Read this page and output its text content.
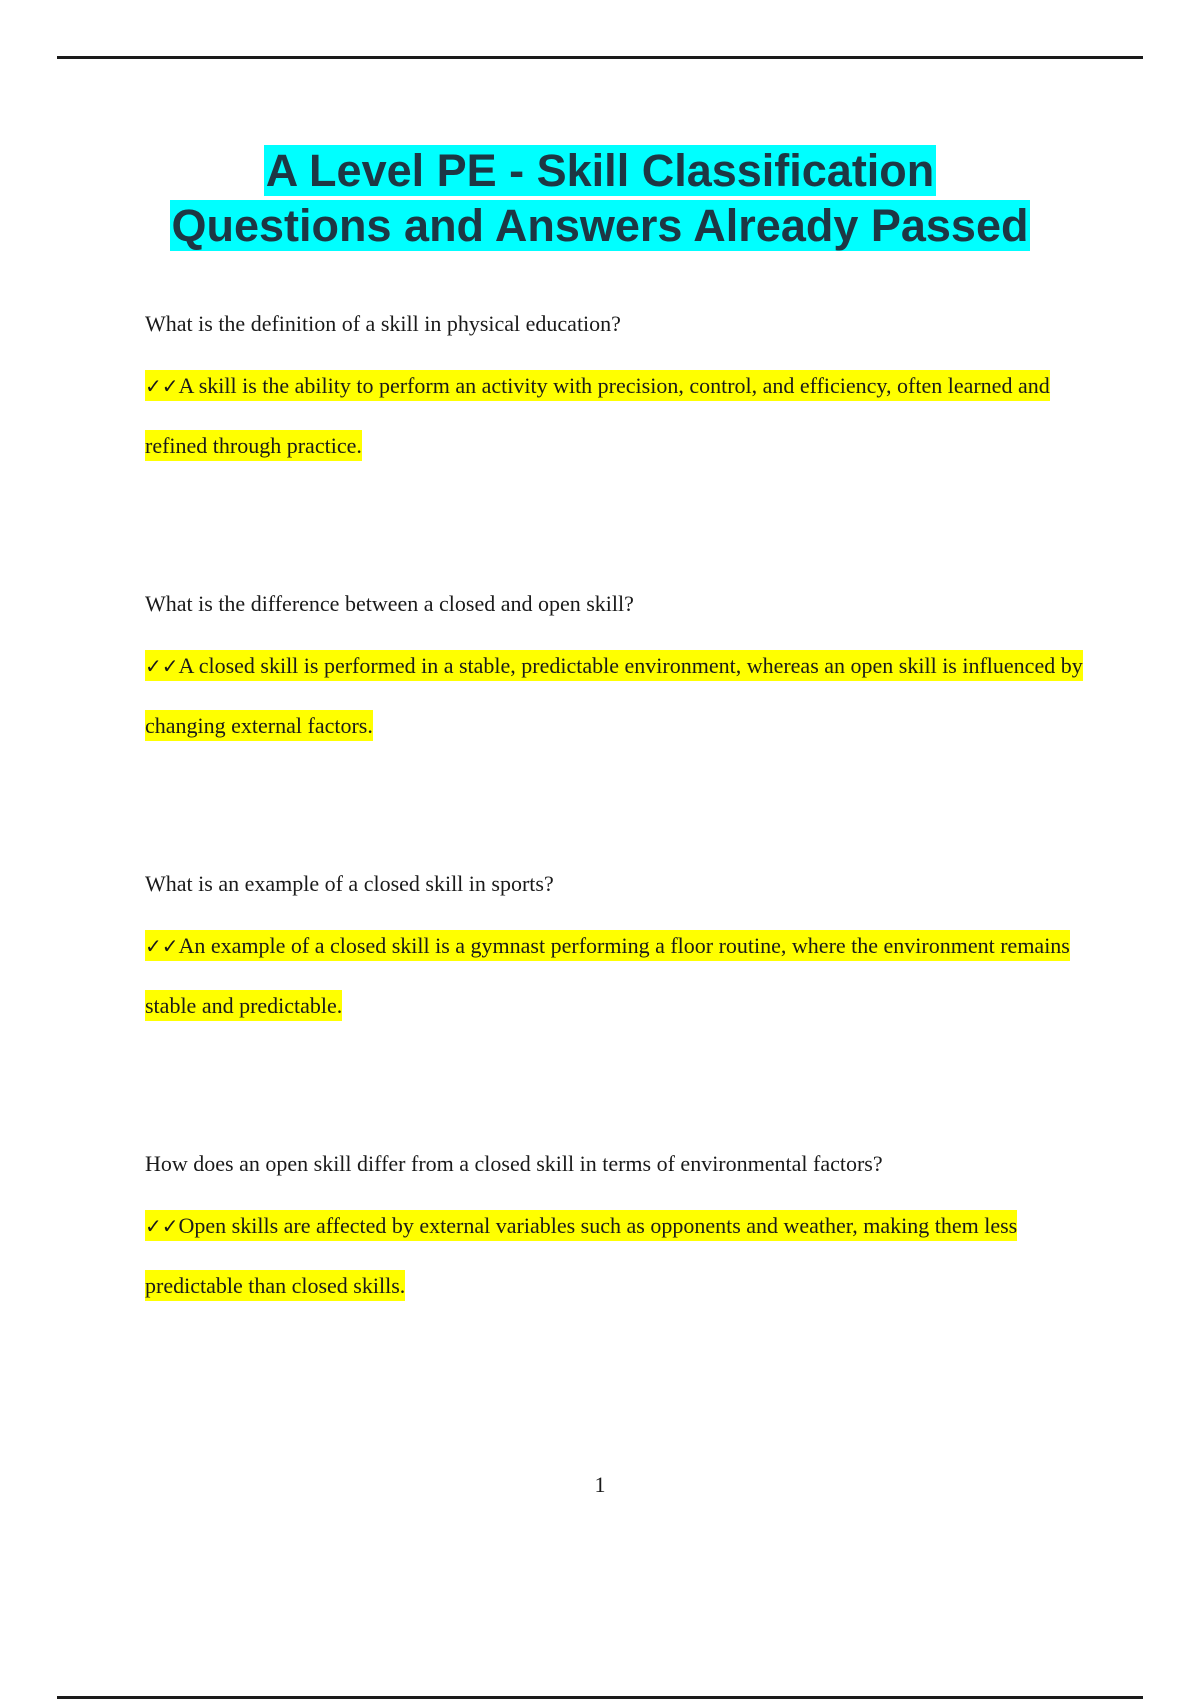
A Level PE - Skill Classification
Questions and Answers Already Passed

What is the definition of a skill in physical education?

✓✓A skill is the ability to perform an activity with precision, control, and efficiency, often learned and refined through practice.

What is the difference between a closed and open skill?

✓✓A closed skill is performed in a stable, predictable environment, whereas an open skill is influenced by changing external factors.

What is an example of a closed skill in sports?

✓✓An example of a closed skill is a gymnast performing a floor routine, where the environment remains stable and predictable.

How does an open skill differ from a closed skill in terms of environmental factors?

✓✓Open skills are affected by external variables such as opponents and weather, making them less predictable than closed skills.

1
